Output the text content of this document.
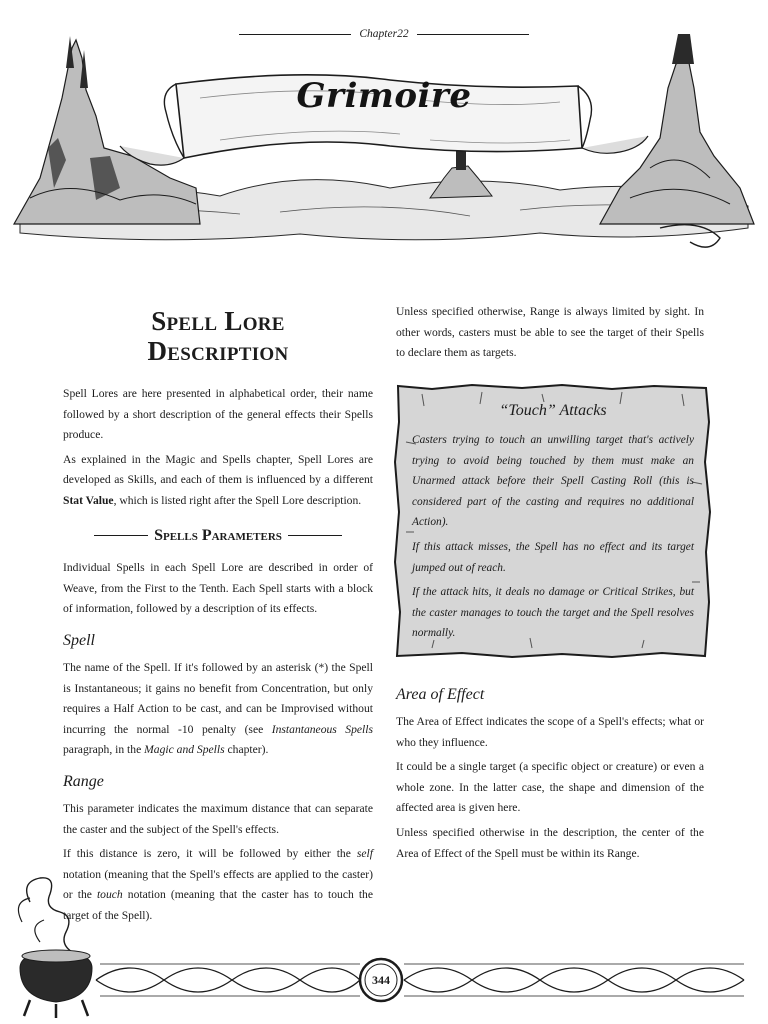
Chapter22
Grimoire
Spell Lore
Description

Spell Lores are here presented in alphabetical order, their name followed by a short description of the general effects their Spells produce.

As explained in the Magic and Spells chapter, Spell Lores are developed as Skills, and each of them is influenced by a different Stat Value, which is listed right after the Spell Lore description.

Spells Parameters

Individual Spells in each Spell Lore are described in order of Weave, from the First to the Tenth. Each Spell starts with a block of information, followed by a description of its effects.

Spell

The name of the Spell. If it's followed by an asterisk (*) the Spell is Instantaneous; it gains no benefit from Concentration, but only requires a Half Action to be cast, and can be Improvised without incurring the normal -10 penalty (see Instantaneous Spells paragraph, in the Magic and Spells chapter).

Range

This parameter indicates the maximum distance that can separate the caster and the subject of the Spell's effects.

If this distance is zero, it will be followed by either the self notation (meaning that the Spell's effects are applied to the caster) or the touch notation (meaning that the caster has to touch the target of the Spell).

Unless specified otherwise, Range is always limited by sight. In other words, casters must be able to see the target of their Spells to declare them as targets.

“Touch” Attacks

Casters trying to touch an unwilling target that's actively trying to avoid being touched by them must make an Unarmed attack before their Spell Casting Roll (this is considered part of the casting and requires no additional Action).

If this attack misses, the Spell has no effect and its target jumped out of reach.

If the attack hits, it deals no damage or Critical Strikes, but the caster manages to touch the target and the Spell resolves normally.

Area of Effect

The Area of Effect indicates the scope of a Spell's effects; what or who they influence.

It could be a single target (a specific object or creature) or even a whole zone. In the latter case, the shape and dimension of the affected area is given here.

Unless specified otherwise in the description, the center of the Area of Effect of the Spell must be within its Range.

344
